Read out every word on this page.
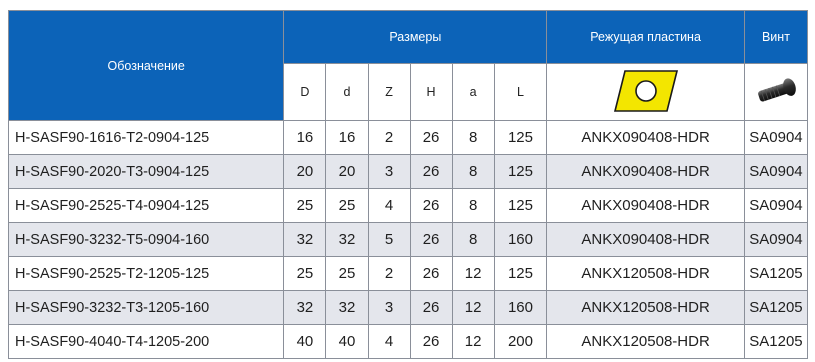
Обозначение	Размеры						Режущая пластина	Винт
	D	d	Z	H	a	L		
H-SASF90-1616-T2-0904-125	16	16	2	26	8	125	ANKX090408-HDR	SA0904
H-SASF90-2020-T3-0904-125	20	20	3	26	8	125	ANKX090408-HDR	SA0904
H-SASF90-2525-T4-0904-125	25	25	4	26	8	125	ANKX090408-HDR	SA0904
H-SASF90-3232-T5-0904-160	32	32	5	26	8	160	ANKX090408-HDR	SA0904
H-SASF90-2525-T2-1205-125	25	25	2	26	12	125	ANKX120508-HDR	SA1205
H-SASF90-3232-T3-1205-160	32	32	3	26	12	160	ANKX120508-HDR	SA1205
H-SASF90-4040-T4-1205-200	40	40	4	26	12	200	ANKX120508-HDR	SA1205
